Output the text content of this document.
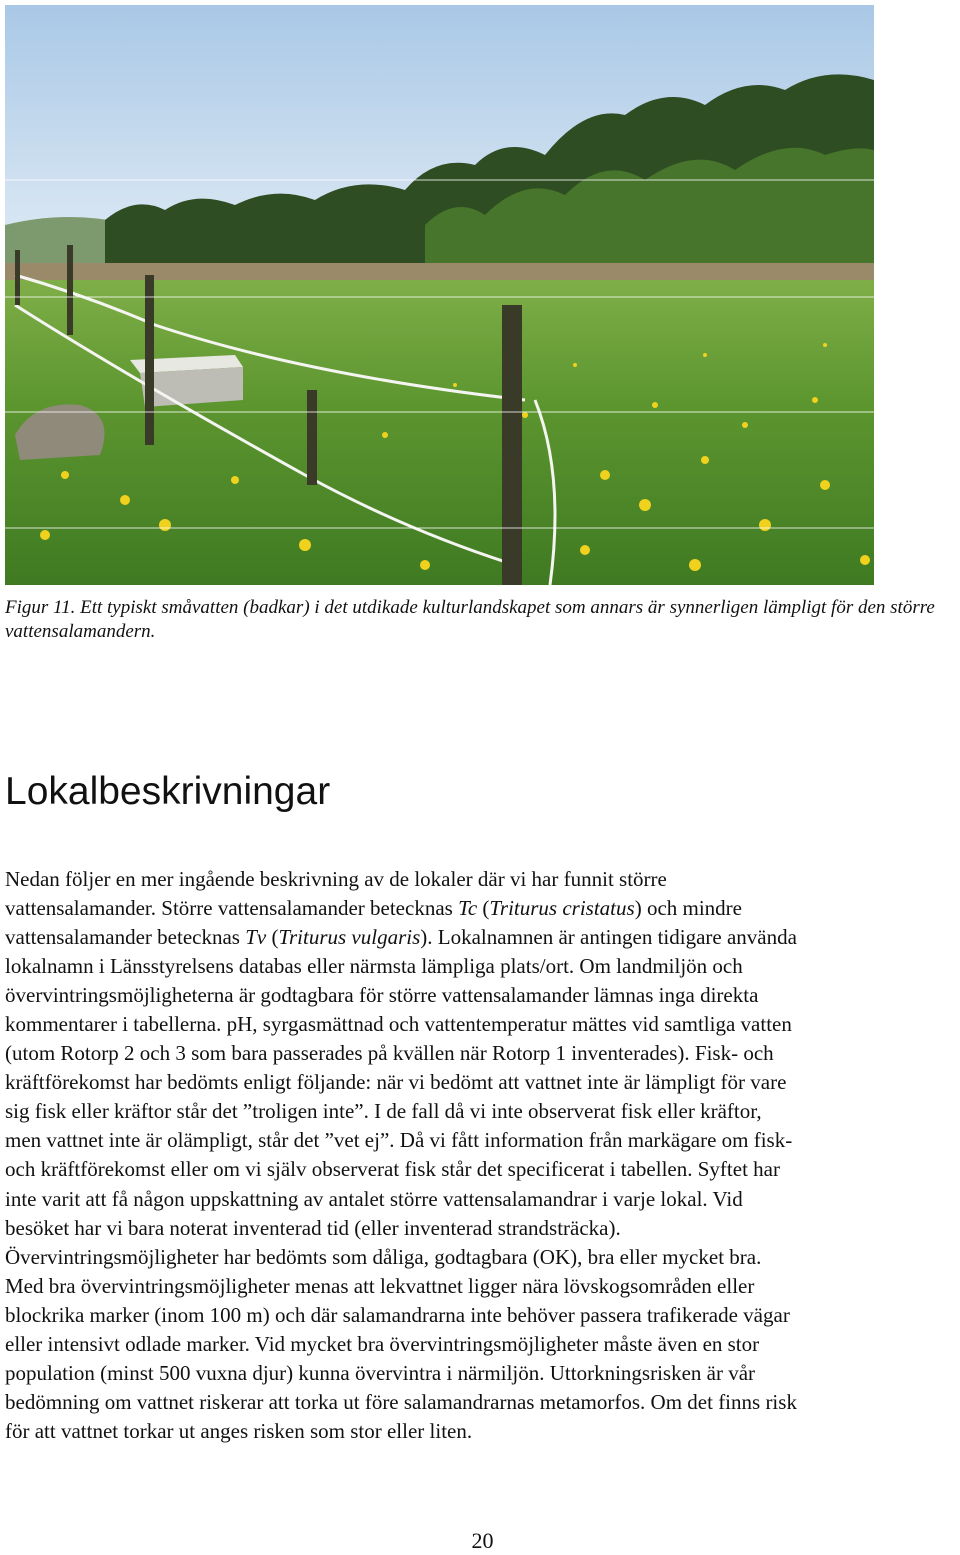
Figur 11. Ett typiskt småvatten (badkar) i det utdikade kulturlandskapet som annars är synnerligen lämpligt för den större vattensalamandern.
Lokalbeskrivningar
Nedan följer en mer ingående beskrivning av de lokaler där vi har funnit större
vattensalamander. Större vattensalamander betecknas Tc (Triturus cristatus) och mindre
vattensalamander betecknas Tv (Triturus vulgaris). Lokalnamnen är antingen tidigare använda
lokalnamn i Länsstyrelsens databas eller närmsta lämpliga plats/ort. Om landmiljön och
övervintringsmöjligheterna är godtagbara för större vattensalamander lämnas inga direkta
kommentarer i tabellerna. pH, syrgasmättnad och vattentemperatur mättes vid samtliga vatten
(utom Rotorp 2 och 3 som bara passerades på kvällen när Rotorp 1 inventerades). Fisk- och
kräftförekomst har bedömts enligt följande: när vi bedömt att vattnet inte är lämpligt för vare
sig fisk eller kräftor står det ”troligen inte”. I de fall då vi inte observerat fisk eller kräftor,
men vattnet inte är olämpligt, står det ”vet ej”. Då vi fått information från markägare om fisk-
och kräftförekomst eller om vi själv observerat fisk står det specificerat i tabellen. Syftet har
inte varit att få någon uppskattning av antalet större vattensalamandrar i varje lokal. Vid
besöket har vi bara noterat inventerad tid (eller inventerad strandsträcka).
Övervintringsmöjligheter har bedömts som dåliga, godtagbara (OK), bra eller mycket bra.
Med bra övervintringsmöjligheter menas att lekvattnet ligger nära lövskogsområden eller
blockrika marker (inom 100 m) och där salamandrarna inte behöver passera trafikerade vägar
eller intensivt odlade marker. Vid mycket bra övervintringsmöjligheter måste även en stor
population (minst 500 vuxna djur) kunna övervintra i närmiljön. Uttorkningsrisken är vår
bedömning om vattnet riskerar att torka ut före salamandrarnas metamorfos. Om det finns risk
för att vattnet torkar ut anges risken som stor eller liten.
20
